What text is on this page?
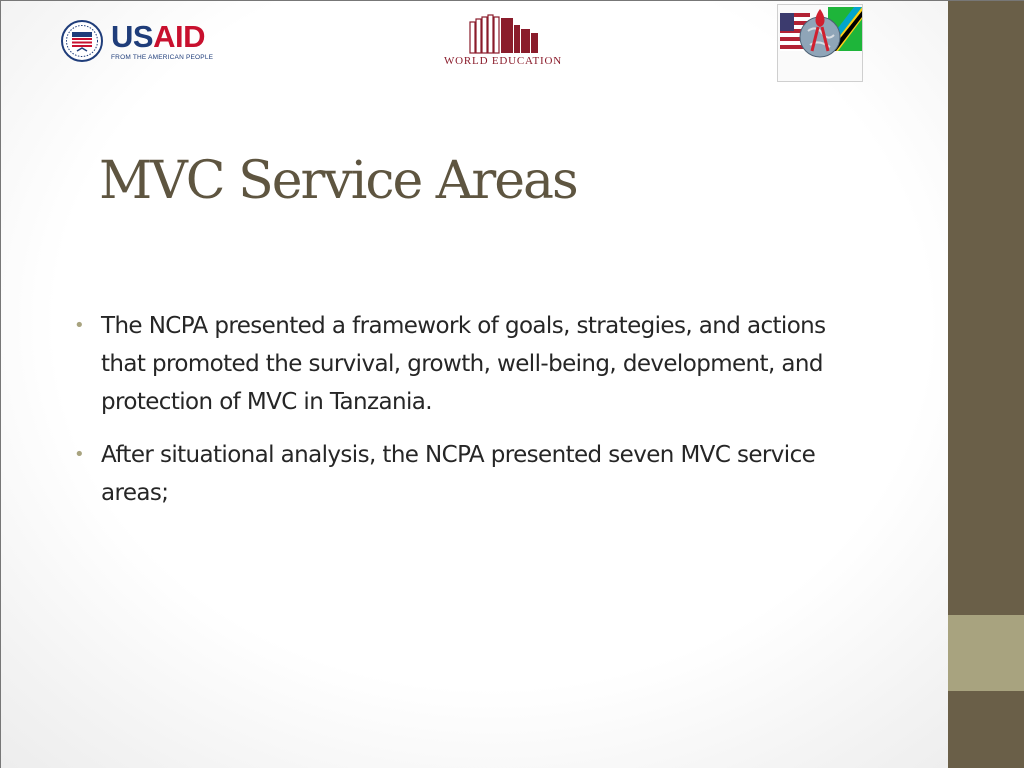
USAID
FROM THE AMERICAN PEOPLE	WORLD EDUCATION
MVC Service Areas
• The NCPA presented a framework of goals, strategies, and actions that promoted the survival, growth, well-being, development, and protection of MVC in Tanzania.
• After situational analysis, the NCPA presented seven MVC service areas;
